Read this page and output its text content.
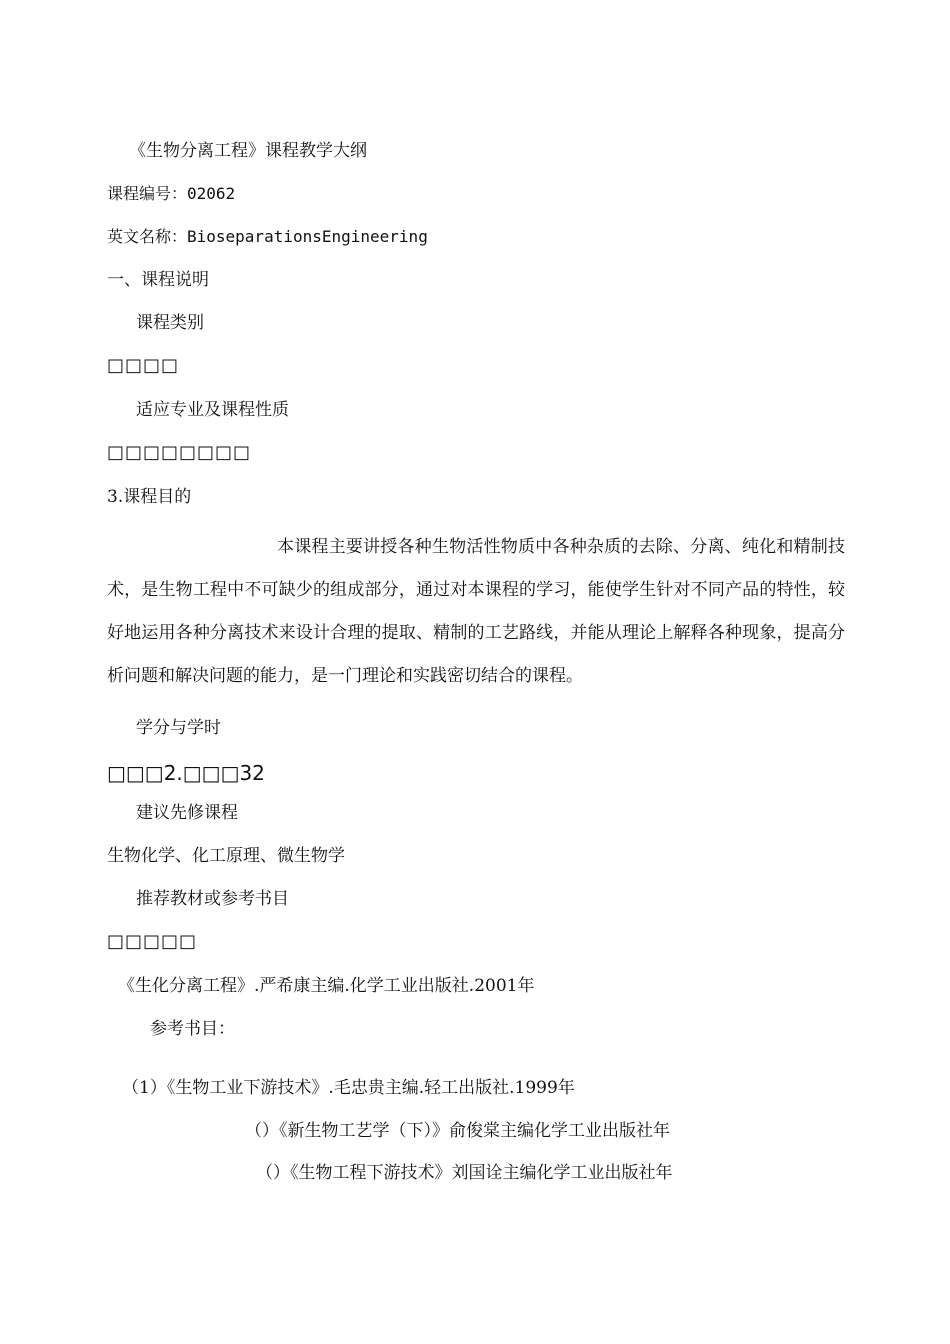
《生物分离工程》课程教学大纲
课程编号：02062
英文名称：BioseparationsEngineering
一、课程说明
课程类别
□□□□
适应专业及课程性质
□□□□□□□□
3.课程目的
本课程主要讲授各种生物活性物质中各种杂质的去除、分离、纯化和精制技术，是生物工程中不可缺少的组成部分，通过对本课程的学习，能使学生针对不同产品的特性，较好地运用各种分离技术来设计合理的提取、精制的工艺路线，并能从理论上解释各种现象，提高分析问题和解决问题的能力，是一门理论和实践密切结合的课程。
学分与学时
□□□2.□□□32
建议先修课程
生物化学、化工原理、微生物学
推荐教材或参考书目
□□□□□
《生化分离工程》.严希康主编.化学工业出版社.2001年
参考书目：
（1）《生物工业下游技术》.毛忠贵主编.轻工出版社.1999年
（）《新生物工艺学（下）》俞俊棠主编化学工业出版社年
（）《生物工程下游技术》刘国诠主编化学工业出版社年
